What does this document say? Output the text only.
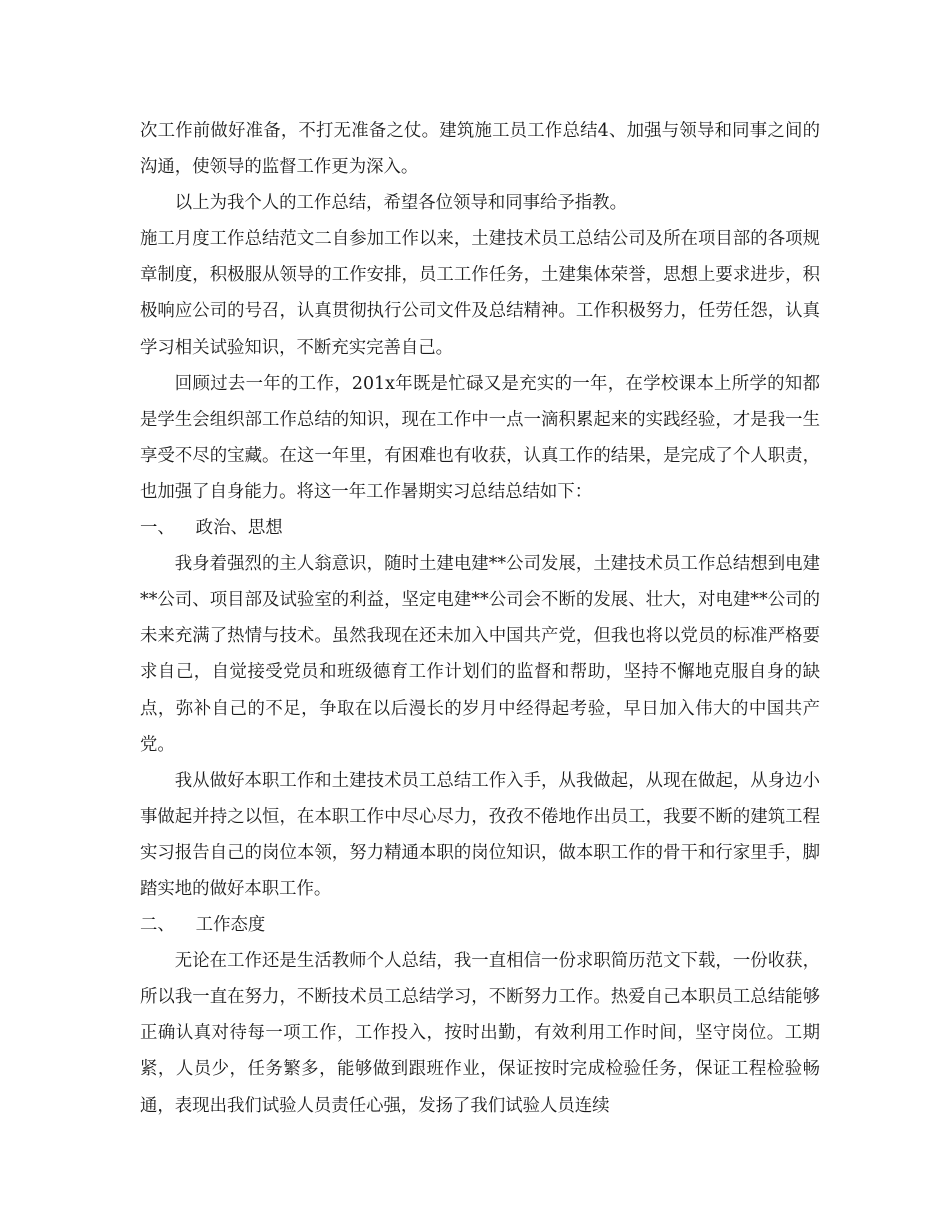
次工作前做好准备，不打无准备之仗。建筑施工员工作总结4、加强与领导和同事之间的沟通，使领导的监督工作更为深入。

以上为我个人的工作总结，希望各位领导和同事给予指教。

施工月度工作总结范文二自参加工作以来，土建技术员工总结公司及所在项目部的各项规章制度，积极服从领导的工作安排，员工工作任务，土建集体荣誉，思想上要求进步，积极响应公司的号召，认真贯彻执行公司文件及总结精神。工作积极努力，任劳任怨，认真学习相关试验知识，不断充实完善自己。

回顾过去一年的工作，201x年既是忙碌又是充实的一年，在学校课本上所学的知都是学生会组织部工作总结的知识，现在工作中一点一滴积累起来的实践经验，才是我一生享受不尽的宝藏。在这一年里，有困难也有收获，认真工作的结果，是完成了个人职责，也加强了自身能力。将这一年工作暑期实习总结总结如下：

一、 政治、思想

我身着强烈的主人翁意识，随时土建电建**公司发展，土建技术员工作总结想到电建**公司、项目部及试验室的利益，坚定电建**公司会不断的发展、壮大，对电建**公司的未来充满了热情与技术。虽然我现在还未加入中国共产党，但我也将以党员的标准严格要求自己，自觉接受党员和班级德育工作计划们的监督和帮助，坚持不懈地克服自身的缺点，弥补自己的不足，争取在以后漫长的岁月中经得起考验，早日加入伟大的中国共产党。

我从做好本职工作和土建技术员工总结工作入手，从我做起，从现在做起，从身边小事做起并持之以恒，在本职工作中尽心尽力，孜孜不倦地作出员工，我要不断的建筑工程实习报告自己的岗位本领，努力精通本职的岗位知识，做本职工作的骨干和行家里手，脚踏实地的做好本职工作。

二、 工作态度

无论在工作还是生活教师个人总结，我一直相信一份求职简历范文下载，一份收获，所以我一直在努力，不断技术员工总结学习，不断努力工作。热爱自己本职员工总结能够正确认真对待每一项工作，工作投入，按时出勤，有效利用工作时间，坚守岗位。工期紧，人员少，任务繁多，能够做到跟班作业，保证按时完成检验任务，保证工程检验畅通，表现出我们试验人员责任心强，发扬了我们试验人员连续
